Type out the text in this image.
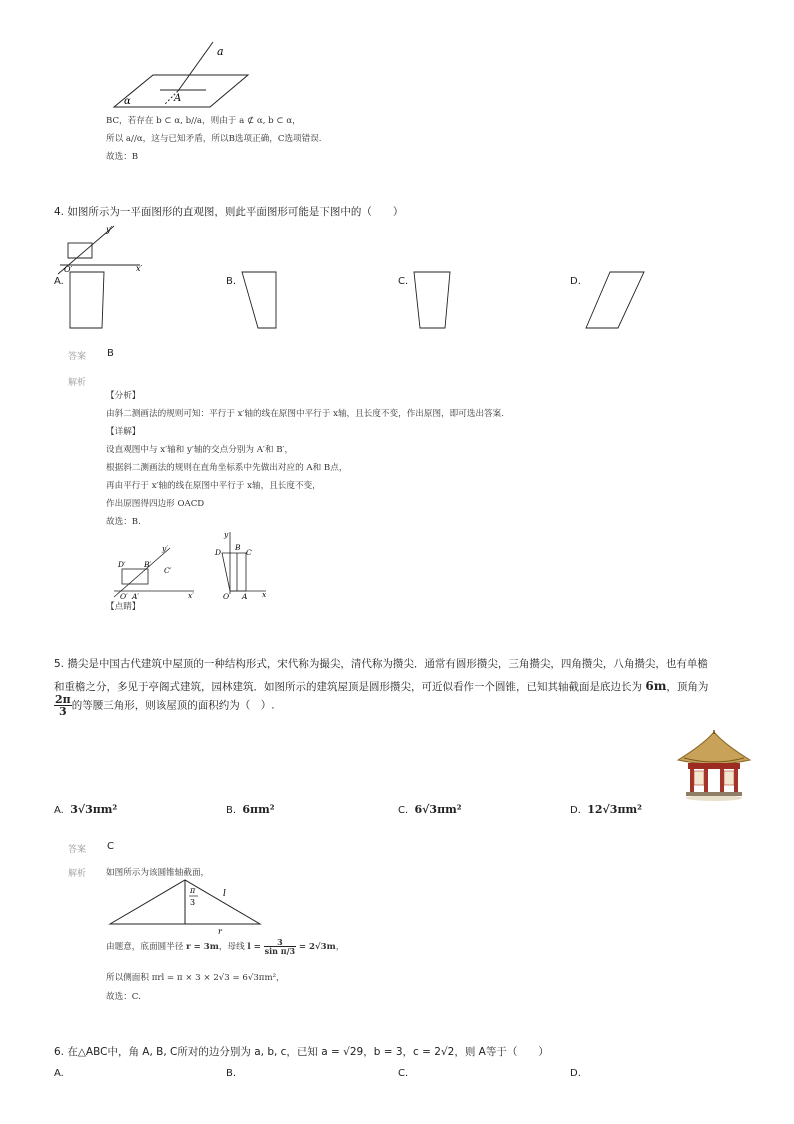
a
A
α
BC，若存在 b ⊂ α, b//a，则由于 a ⊄ α, b ⊂ α，
所以 a//α，这与已知矛盾，所以B选项正确，C选项错误.
故选：B
4. 如图所示为一平面图形的直观图，则此平面图形可能是下图中的（　　）
y′
x′
O′
A.	B.	C.	D.
答案 B
解析
【分析】
由斜二测画法的规则可知：平行于 x′轴的线在原图中平行于 x轴，且长度不变，作出原图，即可选出答案.
【详解】
设直观图中与 x′轴和 y′轴的交点分别为 A′和 B′，
根据斜二测画法的规则在直角坐标系中先做出对应的 A和 B点，
再由平行于 x′轴的线在原图中平行于 x轴，且长度不变，
作出原图得四边形 OACD
故选：B.
D′ B′
C′
y′
O′ A′	x′
y
D
B
C
O A x
【点睛】
5. 攒尖是中国古代建筑中屋顶的一种结构形式，宋代称为撮尖，清代称为攒尖．通常有圆形攒尖，三角攒尖，四角攒尖，八角攒尖，也有单檐
和重檐之分，多见于亭阁式建筑，园林建筑．如图所示的建筑屋顶是圆形攒尖，可近似看作一个圆锥，已知其轴截面是底边长为 6m，顶角为
$\frac{2\pi}{3}$ 的等腰三角形，则该屋顶的面积约为（　）.
A. 3√3πm²	B. 6πm²	C. 6√3πm²	D. 12√3πm²
答案 C
解析 如图所示为该圆锥轴截面，
π
3
l
r
由题意，底面圆半径 r = 3m，母线 $l = \frac{3}{\text{sin π/3}} = 2√3m$，
所以侧面积 πrl = π × 3 × 2√3 = 6√3πm²，
故选：C.
6. 在△ABC中，角 A, B, C所对的边分别为 a, b, c，已知 a = √29，b = 3，c = 2√2，则 A等于（　　）
A.	B.	C.	D.
